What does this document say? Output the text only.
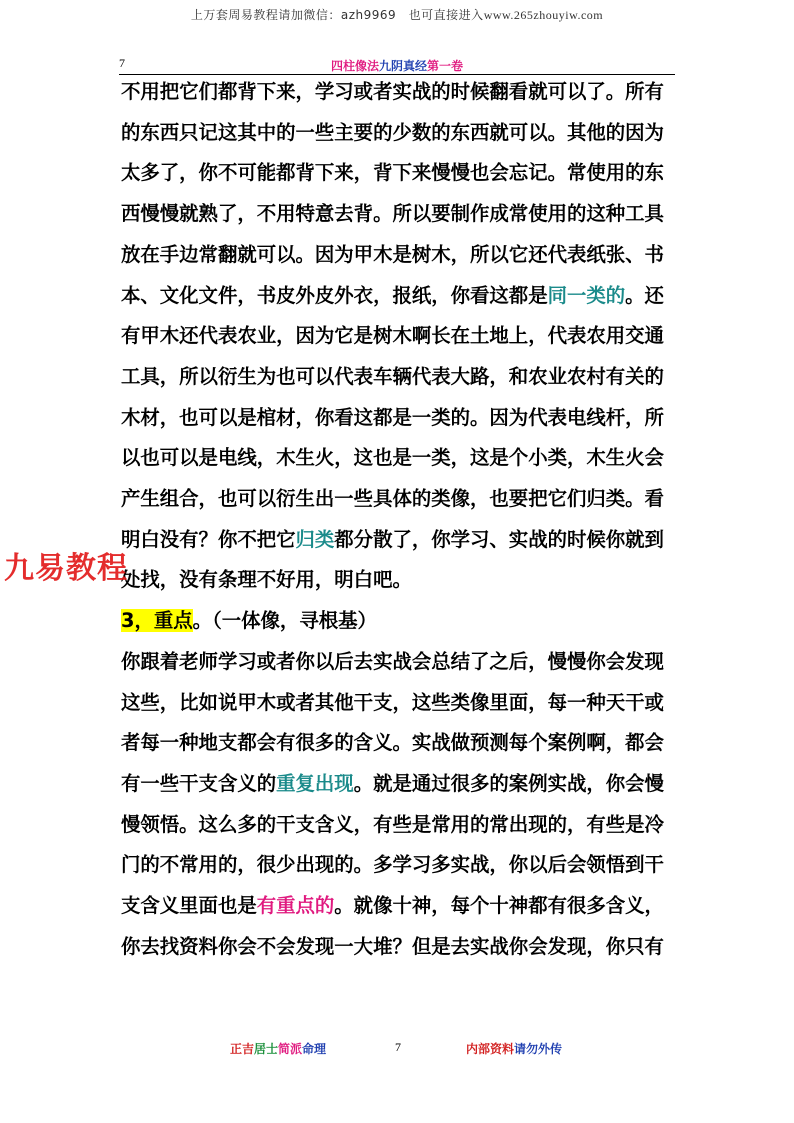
上万套周易教程请加微信：azh9969　也可直接进入www.265zhouyiw.com
7	四柱像法九阴真经第一卷

不用把它们都背下来，学习或者实战的时候翻看就可以了。所有的东西只记这其中的一些主要的少数的东西就可以。其他的因为太多了，你不可能都背下来，背下来慢慢也会忘记。常使用的东西慢慢就熟了，不用特意去背。所以要制作成常使用的这种工具放在手边常翻就可以。因为甲木是树木，所以它还代表纸张、书本、文化文件，书皮外皮外衣，报纸，你看这都是同一类的。还有甲木还代表农业，因为它是树木啊长在土地上，代表农用交通工具，所以衍生为也可以代表车辆代表大路，和农业农村有关的木材，也可以是棺材，你看这都是一类的。因为代表电线杆，所以也可以是电线，木生火，这也是一类，这是个小类，木生火会产生组合，也可以衍生出一些具体的类像，也要把它们归类。看明白没有？你不把它归类都分散了，你学习、实战的时候你就到处找，没有条理不好用，明白吧。

3，重点。（一体像，寻根基）

你跟着老师学习或者你以后去实战会总结了之后，慢慢你会发现这些，比如说甲木或者其他干支，这些类像里面，每一种天干或者每一种地支都会有很多的含义。实战做预测每个案例啊，都会有一些干支含义的重复出现。就是通过很多的案例实战，你会慢慢领悟。这么多的干支含义，有些是常用的常出现的，有些是冷门的不常用的，很少出现的。多学习多实战，你以后会领悟到干支含义里面也是有重点的。就像十神，每个十神都有很多含义，你去找资料你会不会发现一大堆？但是去实战你会发现，你只有

九易教程
正吉居士简派命理	7	内部资料请勿外传
